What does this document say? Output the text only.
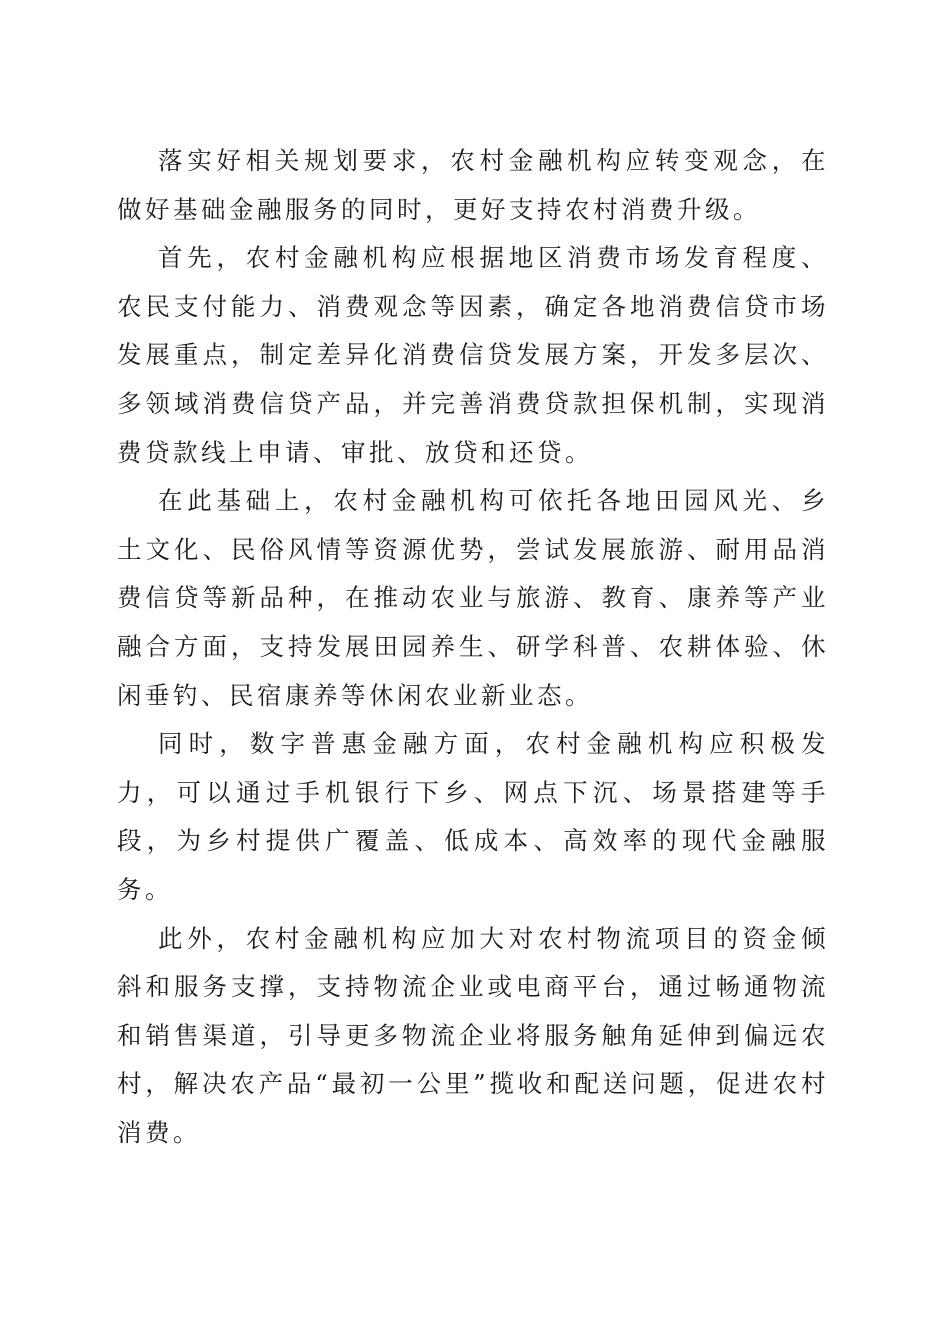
落实好相关规划要求，农村金融机构应转变观念，在做好基础金融服务的同时，更好支持农村消费升级。

首先，农村金融机构应根据地区消费市场发育程度、农民支付能力、消费观念等因素，确定各地消费信贷市场发展重点，制定差异化消费信贷发展方案，开发多层次、多领域消费信贷产品，并完善消费贷款担保机制，实现消费贷款线上申请、审批、放贷和还贷。

在此基础上，农村金融机构可依托各地田园风光、乡土文化、民俗风情等资源优势，尝试发展旅游、耐用品消费信贷等新品种，在推动农业与旅游、教育、康养等产业融合方面，支持发展田园养生、研学科普、农耕体验、休闲垂钓、民宿康养等休闲农业新业态。

同时，数字普惠金融方面，农村金融机构应积极发力，可以通过手机银行下乡、网点下沉、场景搭建等手段，为乡村提供广覆盖、低成本、高效率的现代金融服务。

此外，农村金融机构应加大对农村物流项目的资金倾斜和服务支撑，支持物流企业或电商平台，通过畅通物流和销售渠道，引导更多物流企业将服务触角延伸到偏远农村，解决农产品“最初一公里”揽收和配送问题，促进农村消费。
